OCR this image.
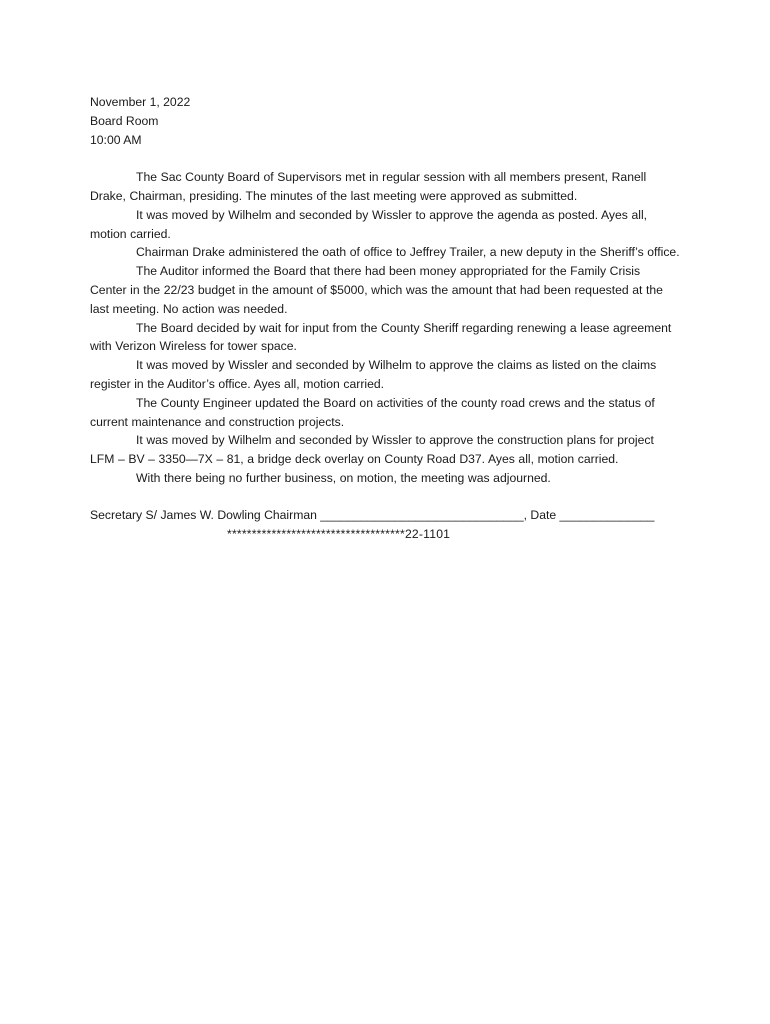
November 1, 2022
Board Room
10:00 AM

The Sac County Board of Supervisors met in regular session with all members present, Ranell Drake, Chairman, presiding. The minutes of the last meeting were approved as submitted.

It was moved by Wilhelm and seconded by Wissler to approve the agenda as posted. Ayes all, motion carried.

Chairman Drake administered the oath of office to Jeffrey Trailer, a new deputy in the Sheriff’s office.

The Auditor informed the Board that there had been money appropriated for the Family Crisis Center in the 22/23 budget in the amount of $5000, which was the amount that had been requested at the last meeting. No action was needed.

The Board decided by wait for input from the County Sheriff regarding renewing a lease agreement with Verizon Wireless for tower space.

It was moved by Wissler and seconded by Wilhelm to approve the claims as listed on the claims register in the Auditor’s office. Ayes all, motion carried.

The County Engineer updated the Board on activities of the county road crews and the status of current maintenance and construction projects.

It was moved by Wilhelm and seconded by Wissler to approve the construction plans for project LFM – BV – 3350—7X – 81, a bridge deck overlay on County Road D37. Ayes all, motion carried.

With there being no further business, on motion, the meeting was adjourned.

Secretary S/ James W. Dowling Chairman ______________________________, Date ______________
************************************22-1101
